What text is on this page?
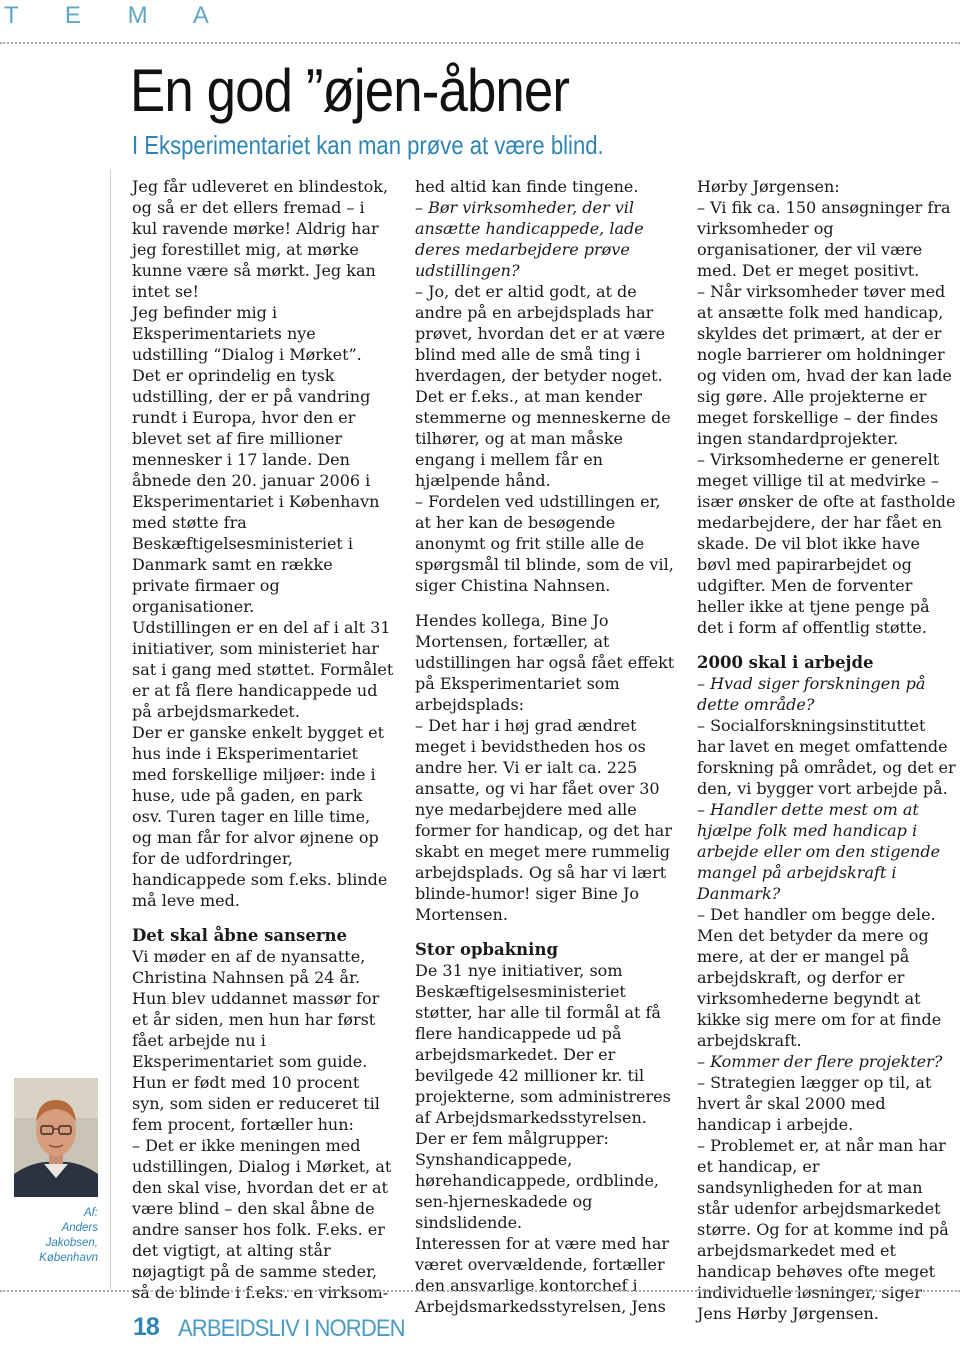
T E M A
En god ”øjen-åbner
I Eksperimentariet kan man prøve at være blind.
Af:
Anders Jakobsen,
København

Jeg får udleveret en blindestok, og så er det ellers fremad – i kul ravende mørke! Aldrig har jeg forestillet mig, at mørke kunne være så mørkt. Jeg kan intet se!

Jeg befinder mig i Eksperimentariets nye udstilling “Dialog i Mørket”. Det er oprindelig en tysk udstilling, der er på vandring rundt i Europa, hvor den er blevet set af fire millioner mennesker i 17 lande. Den åbnede den 20. januar 2006 i Eksperimentariet i København med støtte fra Beskæftigelsesministeriet i Danmark samt en række private firmaer og organisationer.

Udstillingen er en del af i alt 31 initiativer, som ministeriet har sat i gang med støttet. Formålet er at få flere handicappede ud på arbejdsmarkedet.

Der er ganske enkelt bygget et hus inde i Eksperimentariet med forskellige miljøer: inde i huse, ude på gaden, en park osv. Turen tager en lille time, og man får for alvor øjnene op for de udfordringer, handicappede som f.eks. blinde må leve med.

Det skal åbne sanserne

Vi møder en af de nyansatte, Christina Nahnsen på 24 år. Hun blev uddannet massør for et år siden, men hun har først fået arbejde nu i Eksperimentariet som guide. Hun er født med 10 procent syn, som siden er reduceret til fem procent, fortæller hun:

– Det er ikke meningen med udstillingen, Dialog i Mørket, at den skal vise, hvordan det er at være blind – den skal åbne de andre sanser hos folk. F.eks. er det vigtigt, at alting står nøjagtigt på de samme steder, så de blinde i f.eks. en virksom-

hed altid kan finde tingene.

– Bør virksomheder, der vil ansætte handicappede, lade deres medarbejdere prøve udstillingen?

– Jo, det er altid godt, at de andre på en arbejdsplads har prøvet, hvordan det er at være blind med alle de små ting i hverdagen, der betyder noget. Det er f.eks., at man kender stemmerne og menneskerne de tilhører, og at man måske engang i mellem får en hjælpende hånd.

– Fordelen ved udstillingen er, at her kan de besøgende anonymt og frit stille alle de spørgsmål til blinde, som de vil, siger Chistina Nahnsen.

Hendes kollega, Bine Jo Mortensen, fortæller, at udstillingen har også fået effekt på Eksperimentariet som arbejdsplads:

– Det har i høj grad ændret meget i bevidstheden hos os andre her. Vi er ialt ca. 225 ansatte, og vi har fået over 30 nye medarbejdere med alle former for handicap, og det har skabt en meget mere rummelig arbejdsplads. Og så har vi lært blinde-humor! siger Bine Jo Mortensen.

Stor opbakning

De 31 nye initiativer, som Beskæftigelsesministeriet støtter, har alle til formål at få flere handicappede ud på arbejdsmarkedet. Der er bevilgede 42 millioner kr. til projekterne, som administreres af Arbejdsmarkedsstyrelsen.

Der er fem målgrupper: Synshandicappede, hørehandicappede, ordblinde, sen-hjerneskadede og sindslidende.

Interessen for at være med har været overvældende, fortæller den ansvarlige kontorchef i Arbejdsmarkedsstyrelsen, Jens

Hørby Jørgensen:

– Vi fik ca. 150 ansøgninger fra virksomheder og organisationer, der vil være med. Det er meget positivt.

– Når virksomheder tøver med at ansætte folk med handicap, skyldes det primært, at der er nogle barrierer om holdninger og viden om, hvad der kan lade sig gøre. Alle projekterne er meget forskellige – der findes ingen standardprojekter.

– Virksomhederne er generelt meget villige til at medvirke – især ønsker de ofte at fastholde medarbejdere, der har fået en skade. De vil blot ikke have bøvl med papirarbejdet og udgifter. Men de forventer heller ikke at tjene penge på det i form af offentlig støtte.

2000 skal i arbejde

– Hvad siger forskningen på dette område?

– Socialforskningsinstituttet har lavet en meget omfattende forskning på området, og det er den, vi bygger vort arbejde på.

– Handler dette mest om at hjælpe folk med handicap i arbejde eller om den stigende mangel på arbejdskraft i Danmark?

– Det handler om begge dele. Men det betyder da mere og mere, at der er mangel på arbejdskraft, og derfor er virksomhederne begyndt at kikke sig mere om for at finde arbejdskraft.

– Kommer der flere projekter?

– Strategien lægger op til, at hvert år skal 2000 med handicap i arbejde.

– Problemet er, at når man har et handicap, er sandsynligheden for at man står udenfor arbejdsmarkedet større. Og for at komme ind på arbejdsmarkedet med et handicap behøves ofte meget individuelle løsninger, siger Jens Hørby Jørgensen.

18 ARBEIDSLIV I NORDEN
